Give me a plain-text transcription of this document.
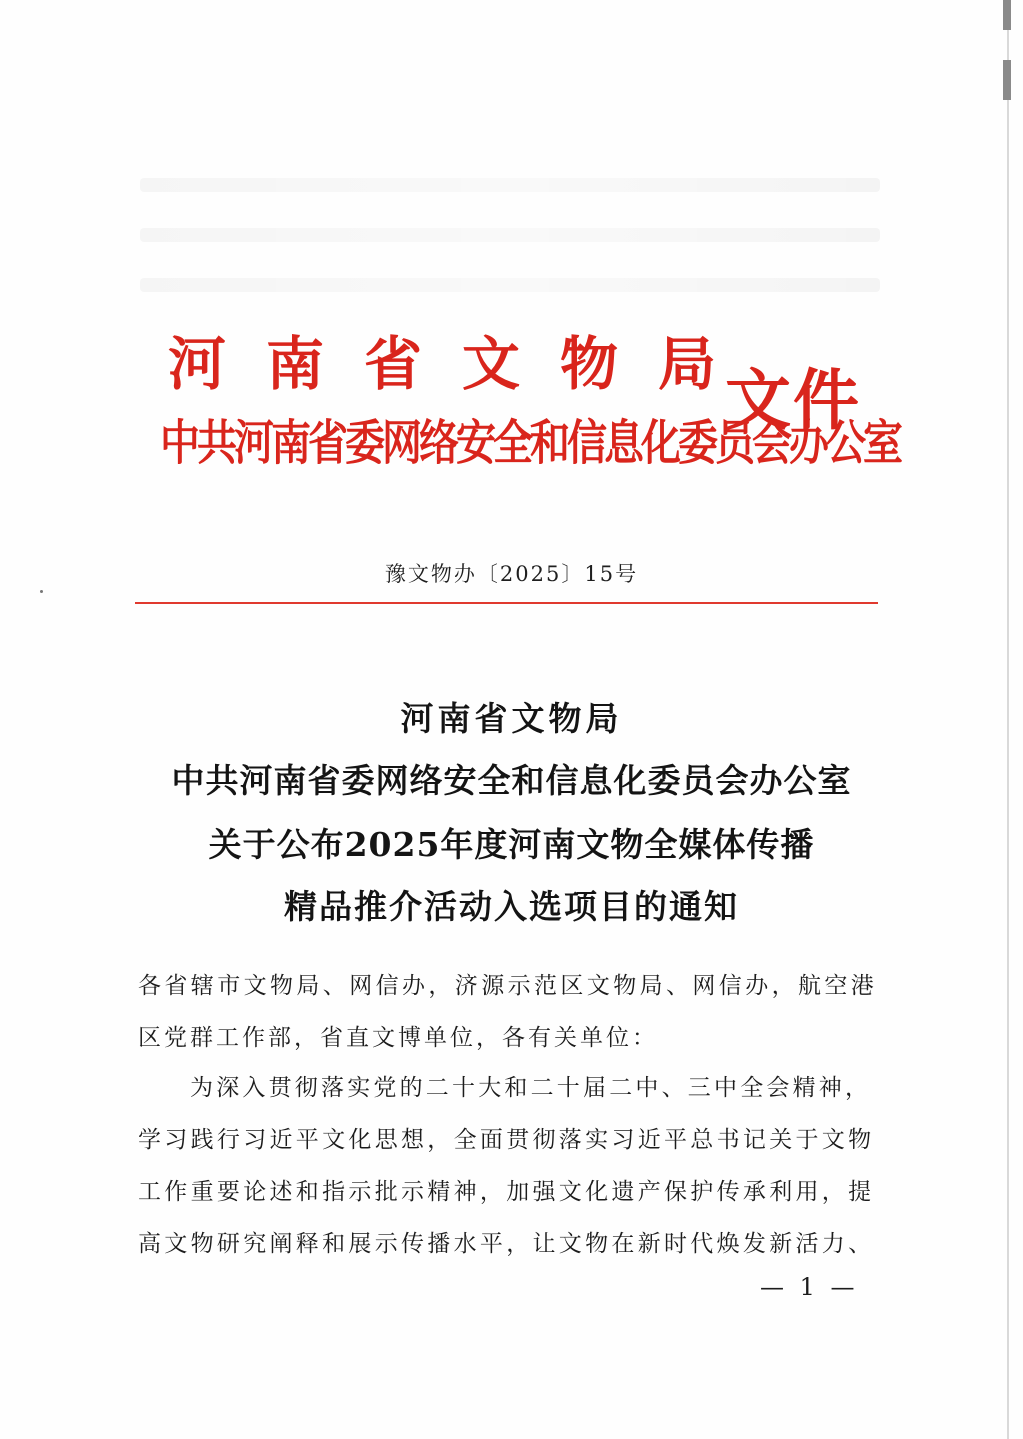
河南省文物局
中共河南省委网络安全和信息化委员会办公室
文件
豫文物办〔2025〕15号
河南省文物局
中共河南省委网络安全和信息化委员会办公室
关于公布2025年度河南文物全媒体传播
精品推介活动入选项目的通知
各省辖市文物局、网信办，济源示范区文物局、网信办，航空港
区党群工作部，省直文博单位，各有关单位：
为深入贯彻落实党的二十大和二十届二中、三中全会精神，
学习践行习近平文化思想，全面贯彻落实习近平总书记关于文物
工作重要论述和指示批示精神，加强文化遗产保护传承利用，提
高文物研究阐释和展示传播水平，让文物在新时代焕发新活力、
— 1 —
